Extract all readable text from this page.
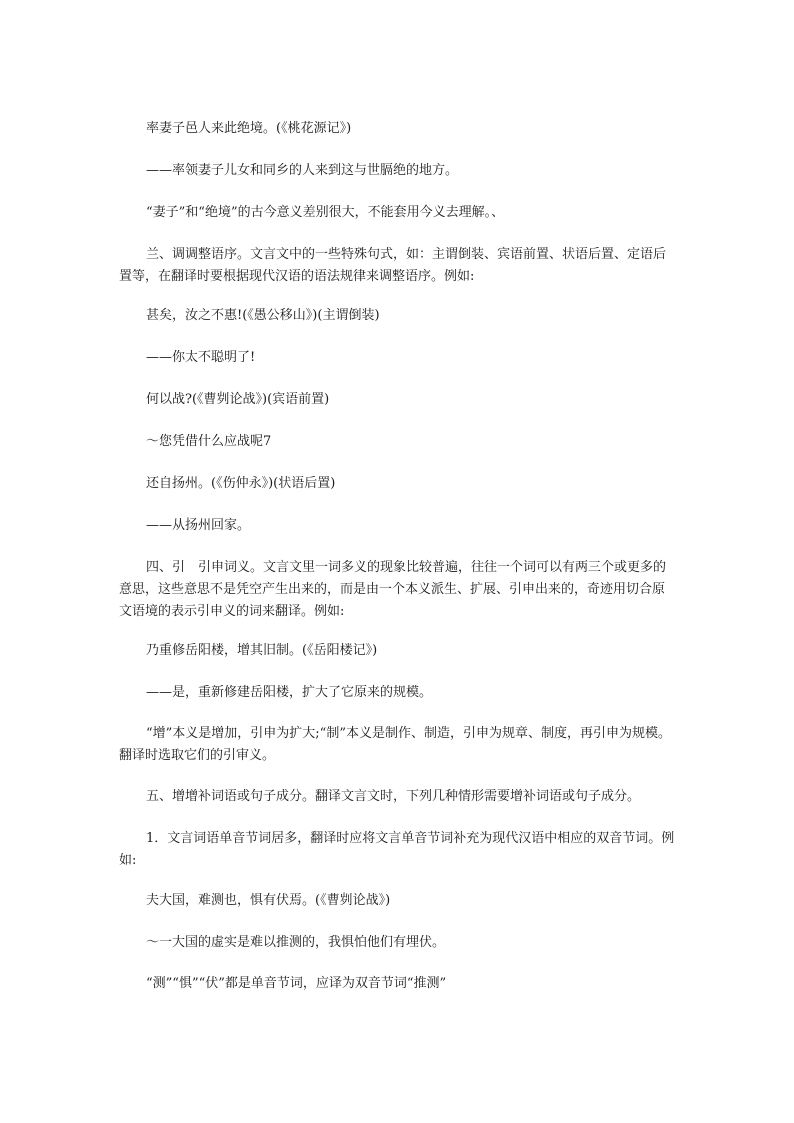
率妻子邑人来此绝境。(《桃花源记》)
——率领妻子儿女和同乡的人来到这与世膈绝的地方。
“妻子”和“绝境”的古今意义差别很大，不能套用今义去理解。、
兰、调调整语序。文言文中的一些特殊句式，如：主谓倒装、宾语前置、状语后置、定语后置等，在翻译时要根据现代汉语的语法规律来调整语序。例如:
甚矣，汝之不惠!(《愚公移山》)(主谓倒装)
——你太不聪明了!
何以战?(《曹刿论战》)(宾语前置)
～您凭借什么应战呢7
还自扬州。(《伤仲永》)(状语后置)
——从扬州回家。
四、引　引申词义。文言文里一词多义的现象比较普遍，往往一个词可以有两三个或更多的意思，这些意思不是凭空产生出来的，而是由一个本义派生、扩展、引申出来的，奇迹用切合原文语境的表示引申义的词来翻译。例如:
乃重修岳阳楼，增其旧制。(《岳阳楼记》)
——是，重新修建岳阳楼，扩大了它原来的规模。
“增”本义是增加，引申为扩大;“制”本义是制作、制造，引申为规章、制度，再引申为规模。翻译时选取它们的引审义。
五、增增补词语或句子成分。翻译文言文时，下列几种情形需要增补词语或句子成分。
1．文言词语单音节词居多，翻译时应将文言单音节词补充为现代汉语中相应的双音节词。例如:
夫大国，难测也，惧有伏焉。(《曹刿论战》)
～一大国的虚实是难以推测的，我惧怕他们有埋伏。
“测”“惧”“伏”都是单音节词，应译为双音节词“推测”
